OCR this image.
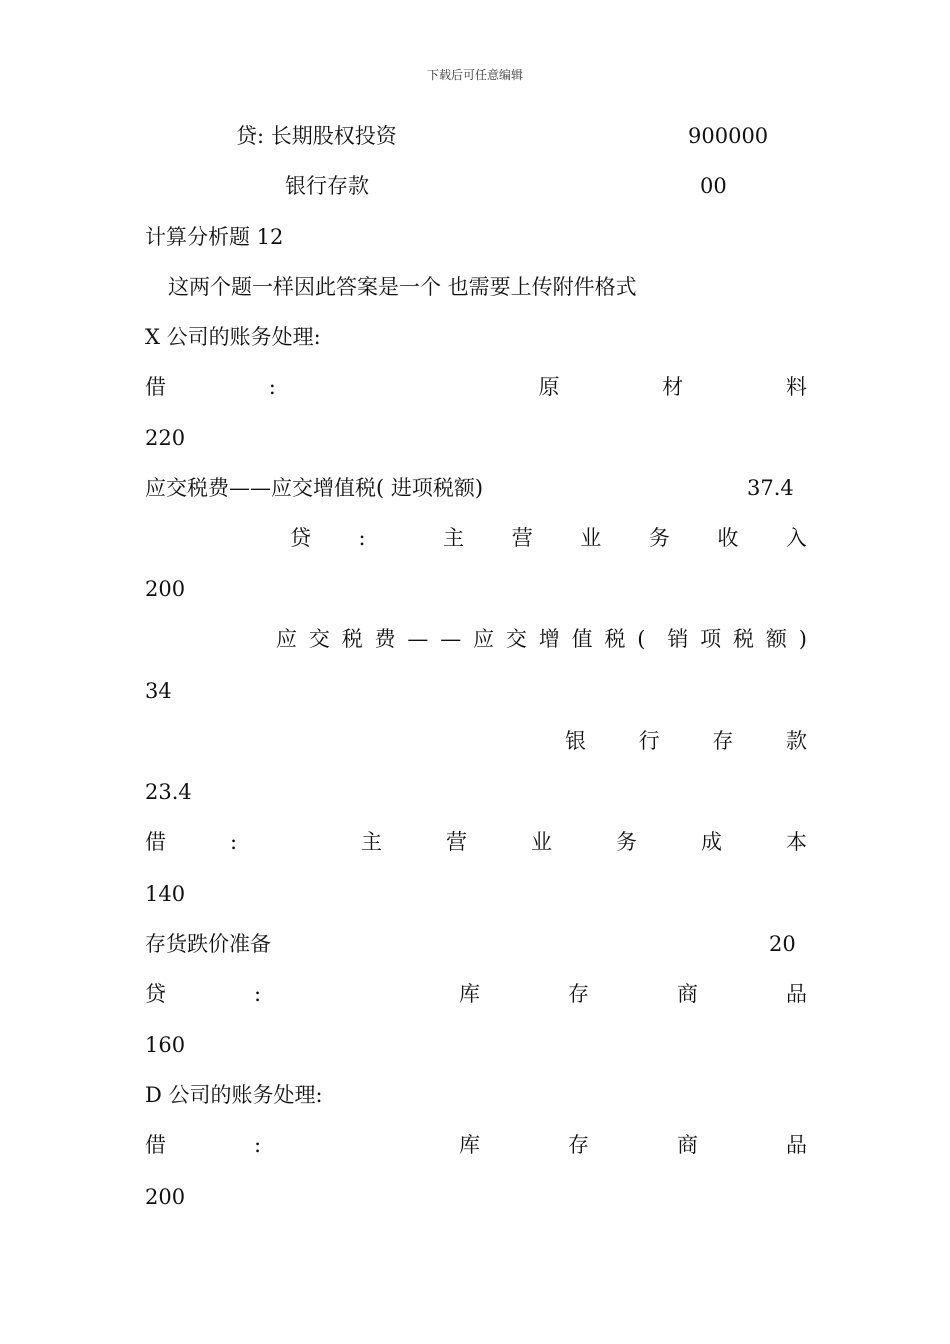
下载后可任意编辑
贷: 长期股权投资	900000
银行存款	00
计算分析题 12
这两个题一样因此答案是一个 也需要上传附件格式
X 公司的账务处理:
借	:	原	材	料
220
应交税费——应交增值税( 进项税额)	37.4
贷 :	主 营 业 务 收 入
200
应 交 税 费 — — 应 交 增 值 税 ( 销 项 税 额 )
34
银	行	存	款
23.4
借	:	主	营	业	务	成	本
140
存货跌价准备	20
贷	:	库	存	商	品
160
D 公司的账务处理:
借	:	库	存	商	品
200
